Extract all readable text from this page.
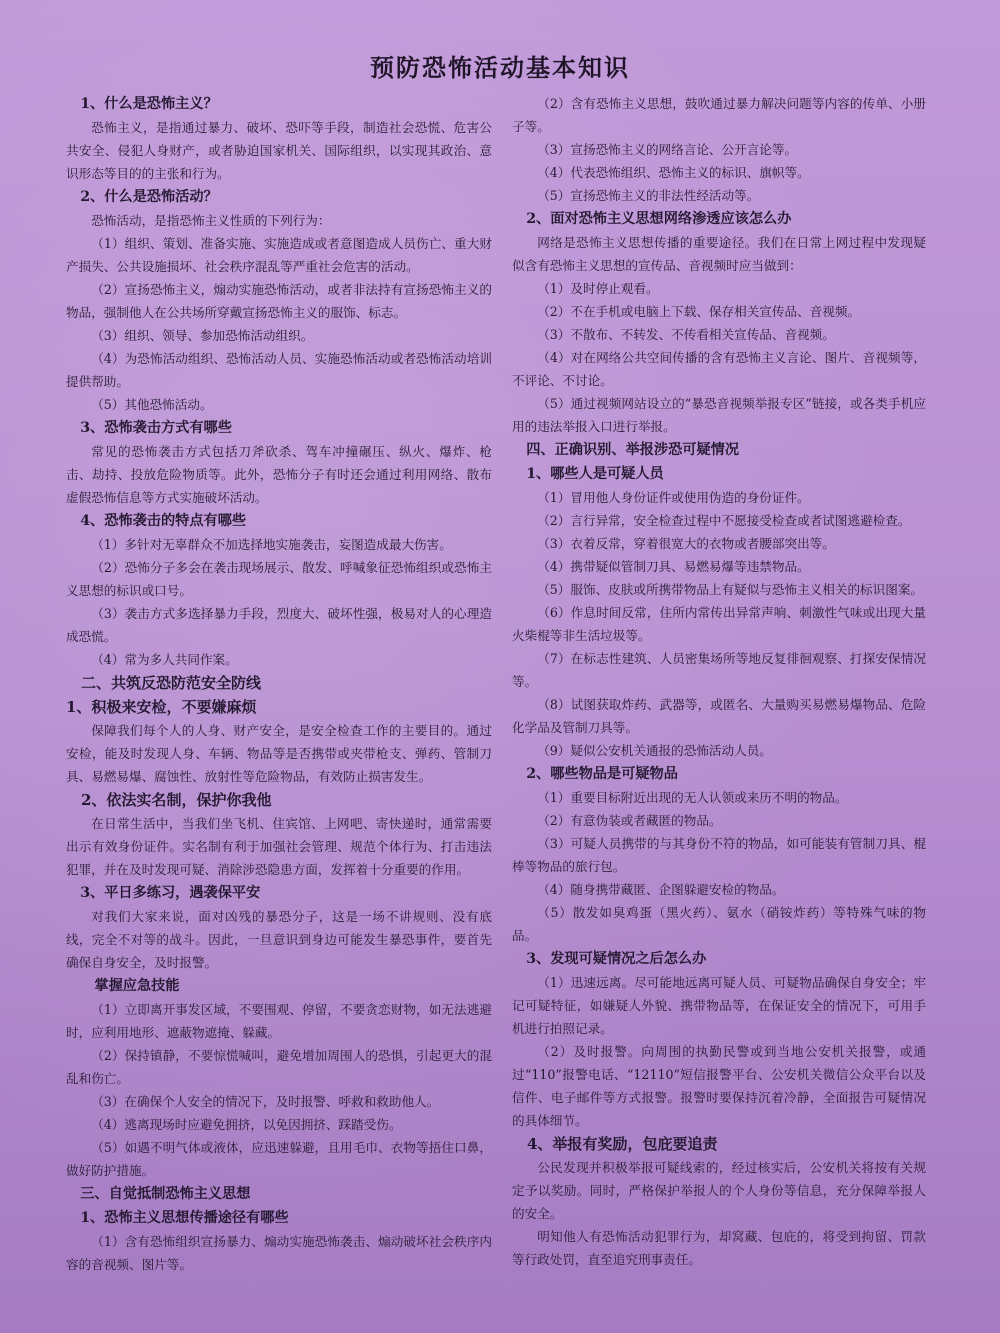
预防恐怖活动基本知识
1、什么是恐怖主义？

恐怖主义，是指通过暴力、破坏、恐吓等手段，制造社会恐慌、危害公共安全、侵犯人身财产，或者胁迫国家机关、国际组织，以实现其政治、意识形态等目的的主张和行为。

2、什么是恐怖活动？

恐怖活动，是指恐怖主义性质的下列行为：

（1）组织、策划、准备实施、实施造成或者意图造成人员伤亡、重大财产损失、公共设施损坏、社会秩序混乱等严重社会危害的活动。

（2）宣扬恐怖主义，煽动实施恐怖活动，或者非法持有宣扬恐怖主义的物品，强制他人在公共场所穿戴宣扬恐怖主义的服饰、标志。

（3）组织、领导、参加恐怖活动组织。

（4）为恐怖活动组织、恐怖活动人员、实施恐怖活动或者恐怖活动培训提供帮助。

（5）其他恐怖活动。

3、恐怖袭击方式有哪些

常见的恐怖袭击方式包括刀斧砍杀、驾车冲撞碾压、纵火、爆炸、枪击、劫持、投放危险物质等。此外，恐怖分子有时还会通过利用网络、散布虚假恐怖信息等方式实施破坏活动。

4、恐怖袭击的特点有哪些

（1）多针对无辜群众不加选择地实施袭击，妄图造成最大伤害。

（2）恐怖分子多会在袭击现场展示、散发、呼喊象征恐怖组织或恐怖主义思想的标识或口号。

（3）袭击方式多选择暴力手段，烈度大、破坏性强，极易对人的心理造成恐慌。

（4）常为多人共同作案。

二、共筑反恐防范安全防线
1、积极来安检，不要嫌麻烦

保障我们每个人的人身、财产安全，是安全检查工作的主要目的。通过安检，能及时发现人身、车辆、物品等是否携带或夹带枪支、弹药、管制刀具、易燃易爆、腐蚀性、放射性等危险物品，有效防止损害发生。

2、依法实名制，保护你我他

在日常生活中，当我们坐飞机、住宾馆、上网吧、寄快递时，通常需要出示有效身份证件。实名制有利于加强社会管理、规范个体行为、打击违法犯罪，并在及时发现可疑、消除涉恐隐患方面，发挥着十分重要的作用。

3、平日多练习，遇袭保平安

对我们大家来说，面对凶残的暴恐分子，这是一场不讲规则、没有底线，完全不对等的战斗。因此，一旦意识到身边可能发生暴恐事件，要首先确保自身安全，及时报警。

掌握应急技能

（1）立即离开事发区域，不要围观、停留，不要贪恋财物，如无法逃避时，应利用地形、遮蔽物遮掩、躲藏。

（2）保持镇静，不要惊慌喊叫，避免增加周围人的恐惧，引起更大的混乱和伤亡。

（3）在确保个人安全的情况下，及时报警、呼救和救助他人。

（4）逃离现场时应避免拥挤，以免因拥挤、踩踏受伤。

（5）如遇不明气体或液体，应迅速躲避，且用毛巾、衣物等捂住口鼻，做好防护措施。

三、自觉抵制恐怖主义思想
1、恐怖主义思想传播途径有哪些

（1）含有恐怖组织宣扬暴力、煽动实施恐怖袭击、煽动破坏社会秩序内容的音视频、图片等。

（2）含有恐怖主义思想，鼓吹通过暴力解决问题等内容的传单、小册子等。

（3）宣扬恐怖主义的网络言论、公开言论等。

（4）代表恐怖组织、恐怖主义的标识、旗帜等。

（5）宣扬恐怖主义的非法性经活动等。

2、面对恐怖主义思想网络渗透应该怎么办

网络是恐怖主义思想传播的重要途径。我们在日常上网过程中发现疑似含有恐怖主义思想的宣传品、音视频时应当做到：

（1）及时停止观看。

（2）不在手机或电脑上下载、保存相关宣传品、音视频。

（3）不散布、不转发、不传看相关宣传品、音视频。

（4）对在网络公共空间传播的含有恐怖主义言论、图片、音视频等，不评论、不讨论。

（5）通过视频网站设立的“暴恐音视频举报专区”链接，或各类手机应用的违法举报入口进行举报。

四、正确识别、举报涉恐可疑情况
1、哪些人是可疑人员

（1）冒用他人身份证件或使用伪造的身份证件。

（2）言行异常，安全检查过程中不愿接受检查或者试图逃避检查。

（3）衣着反常，穿着很宽大的衣物或者腰部突出等。

（4）携带疑似管制刀具、易燃易爆等违禁物品。

（5）服饰、皮肤或所携带物品上有疑似与恐怖主义相关的标识图案。

（6）作息时间反常，住所内常传出异常声响、刺激性气味或出现大量火柴棍等非生活垃圾等。

（7）在标志性建筑、人员密集场所等地反复徘徊观察、打探安保情况等。

（8）试图获取炸药、武器等，或匿名、大量购买易燃易爆物品、危险化学品及管制刀具等。

（9）疑似公安机关通报的恐怖活动人员。

2、哪些物品是可疑物品

（1）重要目标附近出现的无人认领或来历不明的物品。

（2）有意伪装或者藏匿的物品。

（3）可疑人员携带的与其身份不符的物品，如可能装有管制刀具、棍棒等物品的旅行包。

（4）随身携带藏匿、企图躲避安检的物品。

（5）散发如臭鸡蛋（黑火药）、氨水（硝铵炸药）等特殊气味的物品。

3、发现可疑情况之后怎么办

（1）迅速远离。尽可能地远离可疑人员、可疑物品确保自身安全；牢记可疑特征，如嫌疑人外貌、携带物品等，在保证安全的情况下，可用手机进行拍照记录。

（2）及时报警。向周围的执勤民警或到当地公安机关报警，或通过“110”报警电话、“12110”短信报警平台、公安机关微信公众平台以及信件、电子邮件等方式报警。报警时要保持沉着冷静，全面报告可疑情况的具体细节。

4、举报有奖励，包庇要追责

公民发现并积极举报可疑线索的，经过核实后，公安机关将按有关规定予以奖励。同时，严格保护举报人的个人身份等信息，充分保障举报人的安全。

明知他人有恐怖活动犯罪行为，却窝藏、包庇的，将受到拘留、罚款等行政处罚，直至追究刑事责任。
